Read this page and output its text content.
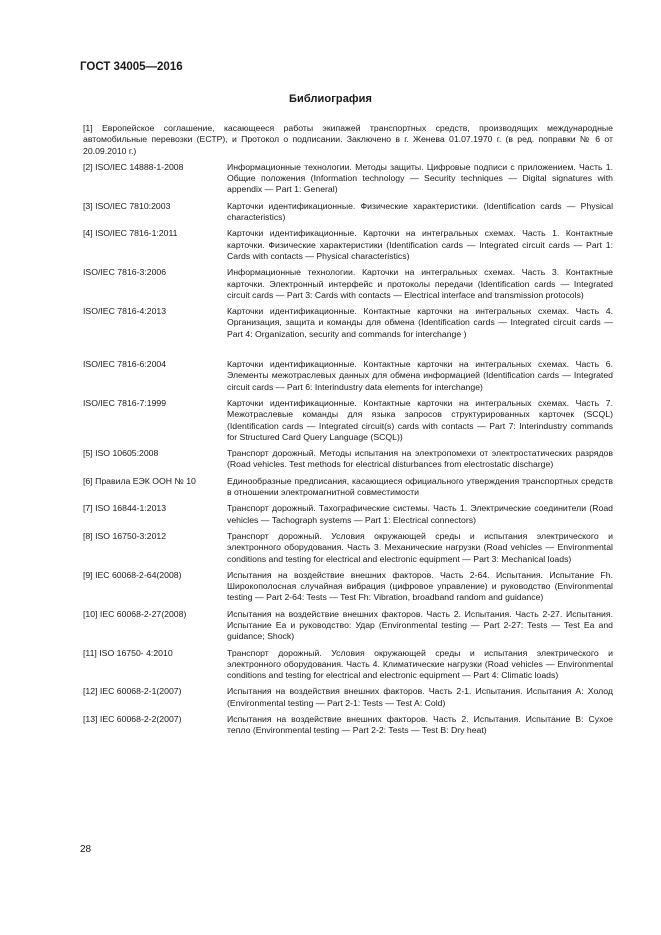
ГОСТ 34005—2016
Библиография
[1] Европейское соглашение, касающееся работы экипажей транспортных средств, производящих международные автомобильные перевозки (ЕСТР), и Протокол о подписании. Заключено в г. Женева 01.07.1970 г. (в ред. поправки № 6 от 20.09.2010 г.)
[2] ISO/IEC 14888-1-2008	Информационные технологии. Методы защиты. Цифровые подписи с приложением. Часть 1. Общие положения (Information technology — Security techniques — Digital signatures with appendix — Part 1: General)
[3] ISO/IEC 7810:2003	Карточки идентификационные. Физические характеристики. (Identification cards — Physical characteristics)
[4] ISO/IEC 7816-1:2011	Карточки идентификационные. Карточки на интегральных схемах. Часть 1. Контактные карточки. Физические характеристики (Identification cards — Integrated circuit cards — Part 1: Cards with contacts — Physical characteristics)
ISO/IEC 7816-3:2006	Информационные технологии. Карточки на интегральных схемах. Часть 3. Контактные карточки. Электронный интерфейс и протоколы передачи (Identification cards — Integrated circuit cards — Part 3: Cards with contacts — Electrical interface and transmission protocols)
ISO/IEC 7816-4:2013	Карточки идентификационные. Контактные карточки на интегральных схемах. Часть 4. Организация, защита и команды для обмена (Identification cards — Integrated circuit cards — Part 4: Organization, security and commands for interchange )
ISO/IEC 7816-6:2004	Карточки идентификационные. Контактные карточки на интегральных схемах. Часть 6. Элементы межотраслевых данных для обмена информацией (Identification cards — Integrated circuit cards — Part 6: Interindustry data elements for interchange)
ISO/IEC 7816-7:1999	Карточки идентификационные. Контактные карточки на интегральных схемах. Часть 7. Межотраслевые команды для языка запросов структурированных карточек (SCQL) (Identification cards — Integrated circuit(s) cards with contacts — Part 7: Interindustry commands for Structured Card Query Language (SCQL))
[5] ISO 10605:2008	Транспорт дорожный. Методы испытания на электропомехи от электростатических разрядов (Road vehicles. Test methods for electrical disturbances from electrostatic discharge)
[6] Правила ЕЭК ООН № 10	Единообразные предписания, касающиеся официального утверждения транспортных средств в отношении электромагнитной совместимости
[7] ISO 16844-1:2013	Транспорт дорожный. Тахографические системы. Часть 1. Электрические соединители (Road vehicles — Tachograph systems — Part 1: Electrical connectors)
[8] ISO 16750-3:2012	Транспорт дорожный. Условия окружающей среды и испытания электрического и электронного оборудования. Часть 3. Механические нагрузки (Road vehicles — Environmental conditions and testing for electrical and electronic equipment — Part 3: Mechanical loads)
[9] IEC 60068-2-64(2008)	Испытания на воздействие внешних факторов. Часть 2-64. Испытания. Испытание Fh. Широкополосная случайная вибрация (цифровое управление) и руководство (Environmental testing — Part 2-64: Tests — Test Fh: Vibration, broadband random and guidance)
[10] IEC 60068-2-27(2008)	Испытания на воздействие внешних факторов. Часть 2. Испытания. Часть 2-27. Испытания. Испытание Еа и руководство: Удар (Environmental testing — Part 2-27: Tests — Test Ea and guidance; Shock)
[11] ISO 16750- 4:2010	Транспорт дорожный. Условия окружающей среды и испытания электрического и электронного оборудования. Часть 4. Климатические нагрузки (Road vehicles — Environmental conditions and testing for electrical and electronic equipment — Part 4: Climatic loads)
[12] IEC 60068-2-1(2007)	Испытания на воздействия внешних факторов. Часть 2-1. Испытания. Испытания А: Холод (Environmental testing — Part 2-1: Tests — Test A: Cold)
[13] IEC 60068-2-2(2007)	Испытания на воздействие внешних факторов. Часть 2. Испытания. Испытание В: Сухое тепло (Environmental testing — Part 2-2: Tests — Test B: Dry heat)
28
